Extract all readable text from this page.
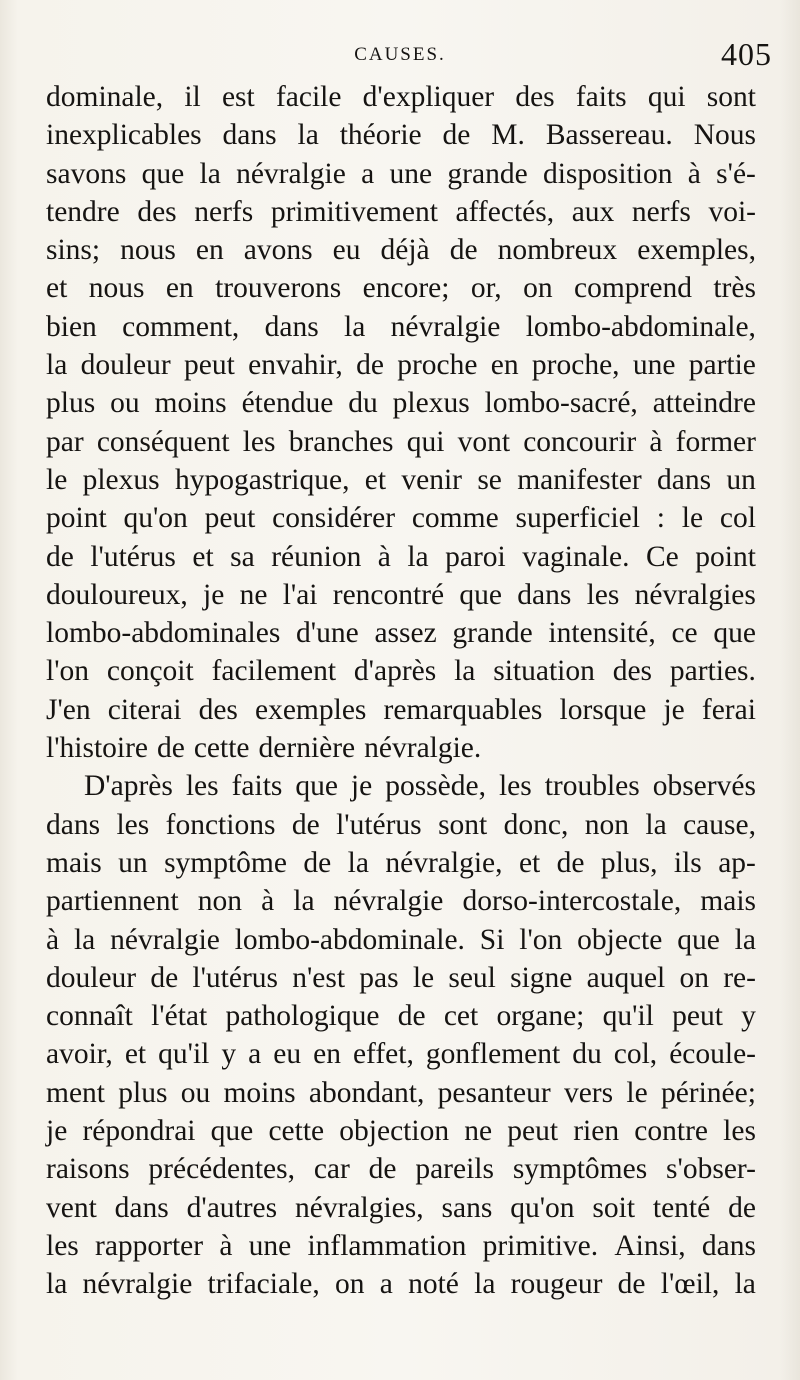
CAUSES.	405
dominale, il est facile d'expliquer des faits qui sont
inexplicables dans la théorie de M. Bassereau. Nous
savons que la névralgie a une grande disposition à s'é-
tendre des nerfs primitivement affectés, aux nerfs voi-
sins; nous en avons eu déjà de nombreux exemples,
et nous en trouverons encore; or, on comprend très
bien comment, dans la névralgie lombo-abdominale,
la douleur peut envahir, de proche en proche, une partie
plus ou moins étendue du plexus lombo-sacré, atteindre
par conséquent les branches qui vont concourir à former
le plexus hypogastrique, et venir se manifester dans un
point qu'on peut considérer comme superficiel : le col
de l'utérus et sa réunion à la paroi vaginale. Ce point
douloureux, je ne l'ai rencontré que dans les névralgies
lombo-abdominales d'une assez grande intensité, ce que
l'on conçoit facilement d'après la situation des parties.
J'en citerai des exemples remarquables lorsque je ferai
l'histoire de cette dernière névralgie.
D'après les faits que je possède, les troubles observés
dans les fonctions de l'utérus sont donc, non la cause,
mais un symptôme de la névralgie, et de plus, ils ap-
partiennent non à la névralgie dorso-intercostale, mais
à la névralgie lombo-abdominale. Si l'on objecte que la
douleur de l'utérus n'est pas le seul signe auquel on re-
connaît l'état pathologique de cet organe; qu'il peut y
avoir, et qu'il y a eu en effet, gonflement du col, écoule-
ment plus ou moins abondant, pesanteur vers le périnée;
je répondrai que cette objection ne peut rien contre les
raisons précédentes, car de pareils symptômes s'obser-
vent dans d'autres névralgies, sans qu'on soit tenté de
les rapporter à une inflammation primitive. Ainsi, dans
la névralgie trifaciale, on a noté la rougeur de l'œil, la
